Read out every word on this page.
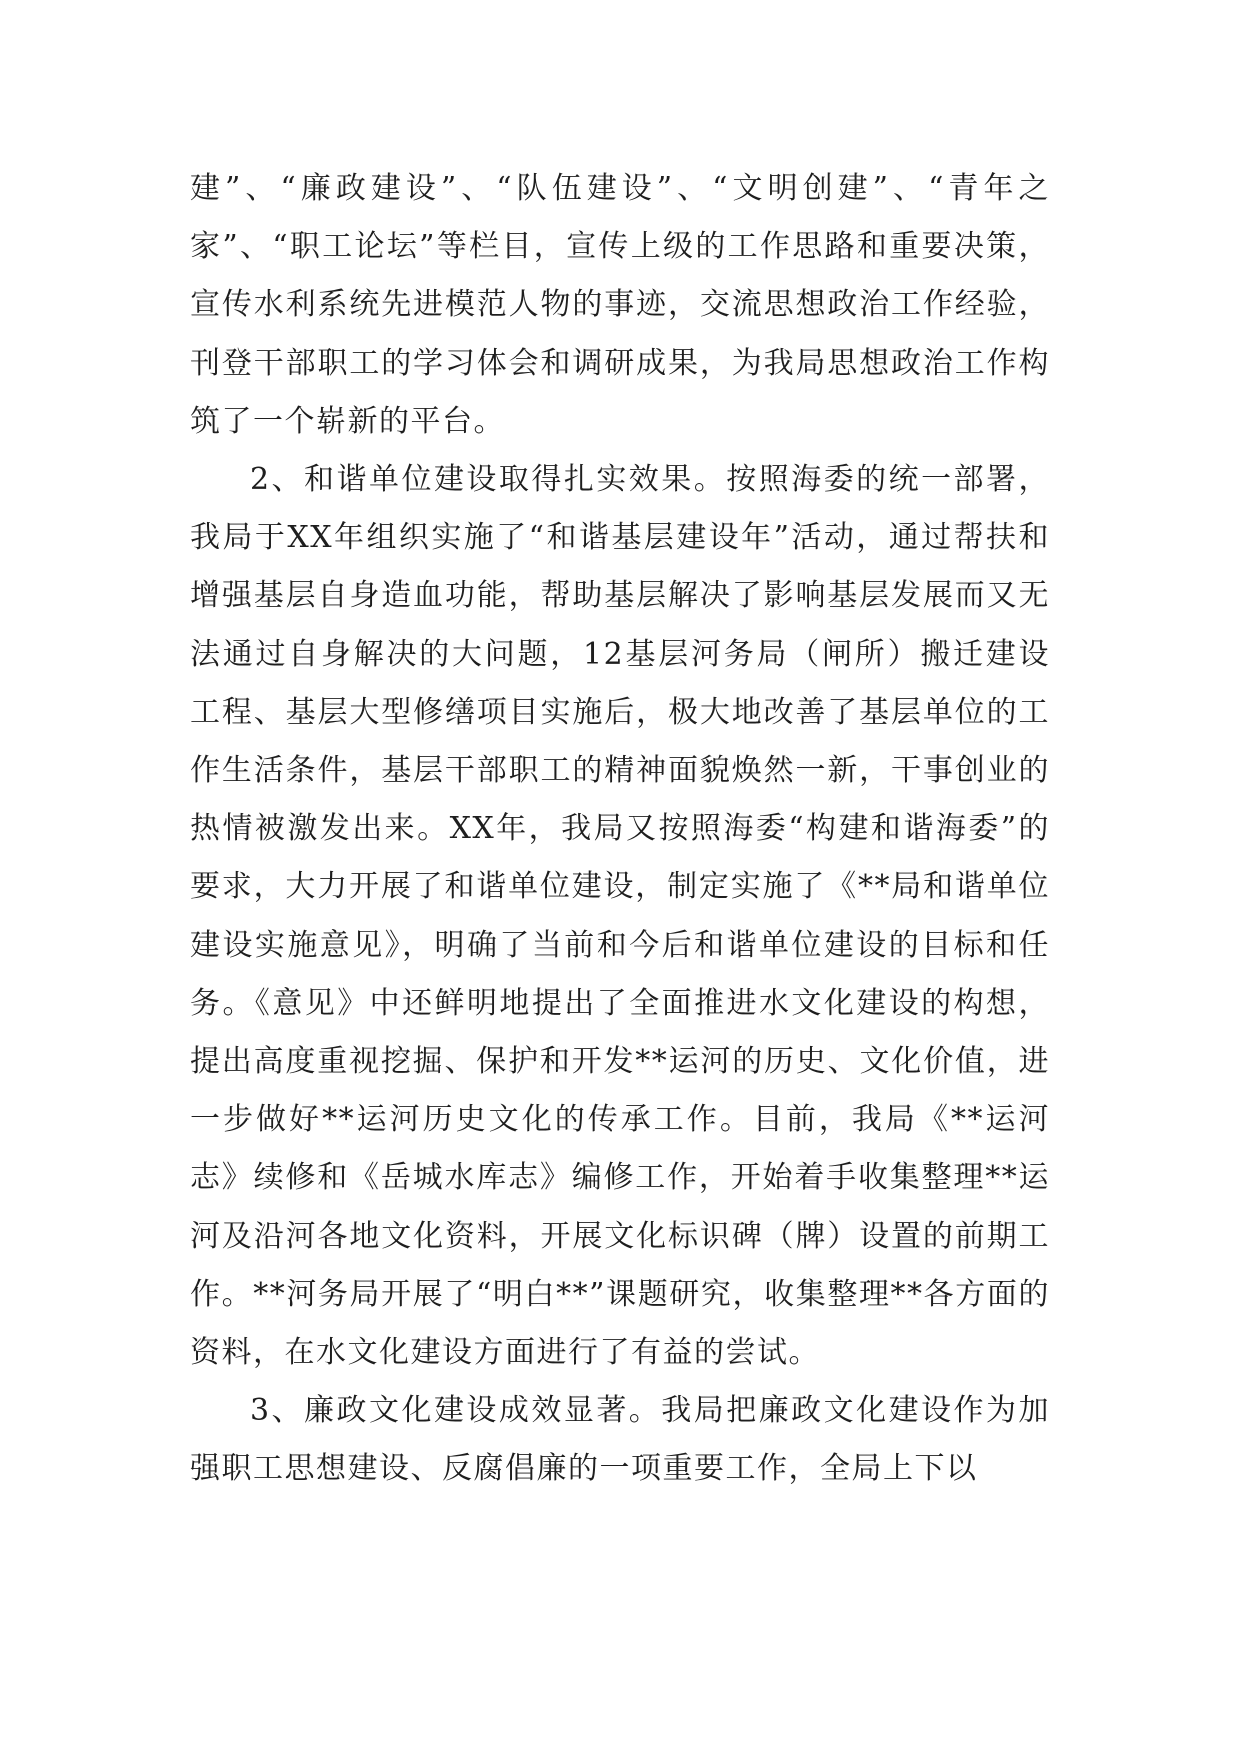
建”、“廉政建设”、“队伍建设”、“文明创建”、“青年之家”、“职工论坛”等栏目，宣传上级的工作思路和重要决策，宣传水利系统先进模范人物的事迹，交流思想政治工作经验，刊登干部职工的学习体会和调研成果，为我局思想政治工作构筑了一个崭新的平台。

2、和谐单位建设取得扎实效果。按照海委的统一部署，我局于XX年组织实施了“和谐基层建设年”活动，通过帮扶和增强基层自身造血功能，帮助基层解决了影响基层发展而又无法通过自身解决的大问题，12基层河务局（闸所）搬迁建设工程、基层大型修缮项目实施后，极大地改善了基层单位的工作生活条件，基层干部职工的精神面貌焕然一新，干事创业的热情被激发出来。XX年，我局又按照海委“构建和谐海委”的要求，大力开展了和谐单位建设，制定实施了《**局和谐单位建设实施意见》，明确了当前和今后和谐单位建设的目标和任务。《意见》中还鲜明地提出了全面推进水文化建设的构想，提出高度重视挖掘、保护和开发**运河的历史、文化价值，进一步做好**运河历史文化的传承工作。目前，我局《**运河志》续修和《岳城水库志》编修工作，开始着手收集整理**运河及沿河各地文化资料，开展文化标识碑（牌）设置的前期工作。**河务局开展了“明白**”课题研究，收集整理**各方面的资料，在水文化建设方面进行了有益的尝试。

3、廉政文化建设成效显著。我局把廉政文化建设作为加强职工思想建设、反腐倡廉的一项重要工作，全局上下以
